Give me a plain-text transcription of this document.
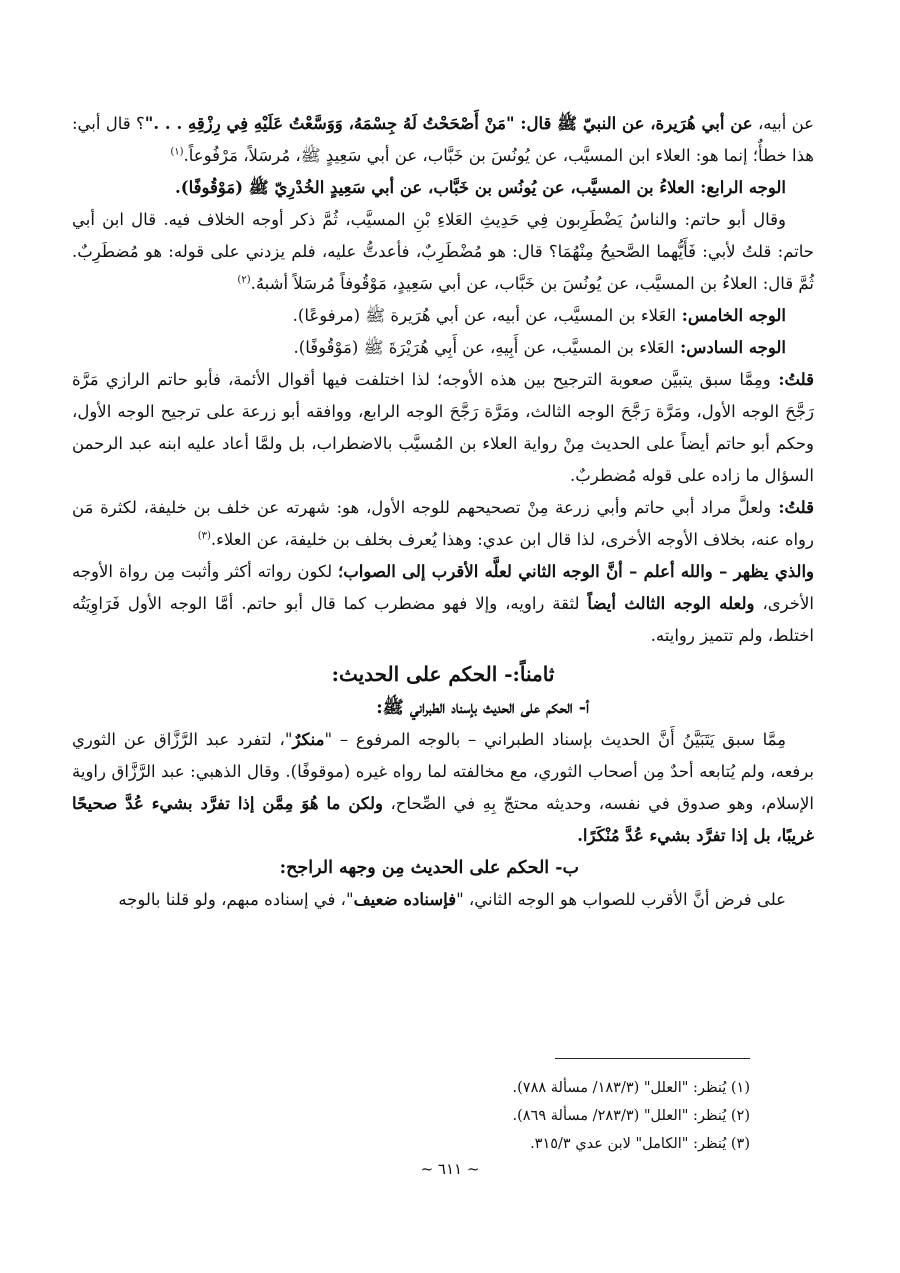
عن أبيه، عن أبي هُرَيرة، عن النبيّ ﷺ قال: "مَنْ أَصْحَحْتُ لَهُ جِسْمَهُ، وَوَسَّعْتُ عَلَيْهِ فِي رِزْقِهِ . . ."؟ قال أبي: هذا خطأٌ؛ إنما هو: العلاء ابن المسيَّب، عن يُونُسَ بن خَبَّاب، عن أبي سَعِيدٍ ﷺ، مُرسَلاً، مَرْفُوعاً.$^{(١)}$

الوجه الرابع: العلاءُ بن المسيَّب، عن يُونُس بن خَبَّاب، عن أبي سَعِيدٍ الخُدْرِيّ ﷺ (مَوْقُوفًا).

وقال أبو حاتم: والناسُ يَضْطَرِبون فِي حَدِيثِ العَلاءِ بْنِ المسيَّب، ثُمَّ ذكر أوجه الخلاف فيه. قال ابن أبي حاتم: قلتُ لأبي: فَأَيُّهما الصَّحيحُ مِنْهُمَا؟ قال: هو مُضْطَرِبٌ، فأعدتُّ عليه، فلم يزدني على قوله: هو مُضطَرِبٌ. ثُمَّ قال: العلاءُ بن المسيَّب، عن يُونُسَ بن خَبَّاب، عن أبي سَعِيدٍ، مَوْقُوفاً مُرسَلاً أشبهُ.$^{(٢)}$

الوجه الخامس: العَلاء بن المسيَّب، عن أبيه، عن أبي هُرَيرة ﷺ (مرفوعًا).

الوجه السادس: العَلاء بن المسيَّب، عن أَبِيهِ، عن أَبِي هُرَيْرَةَ ﷺ (مَوْقُوفًا).

قلتُ: ومِمَّا سبق يتبيَّن صعوبة الترجيح بين هذه الأوجه؛ لذا اختلفت فيها أقوال الأئمة، فأبو حاتم الرازي مَرَّة رَجَّحَ الوجه الأول، ومَرَّة رَجَّحَ الوجه الثالث، ومَرَّة رَجَّحَ الوجه الرابع، ووافقه أبو زرعة على ترجيح الوجه الأول، وحكم أبو حاتم أيضاً على الحديث مِنْ رواية العلاء بن المُسيَّب بالاضطراب، بل ولمَّا أعاد عليه ابنه عبد الرحمن السؤال ما زاده على قوله مُضطربٌ.

قلتُ: ولعلَّ مراد أبي حاتم وأبي زرعة مِنْ تصحيحهم للوجه الأول، هو: شهرته عن خلف بن خليفة، لكثرة مَن رواه عنه، بخلاف الأوجه الأخرى، لذا قال ابن عدي: وهذا يُعرف بخلف بن خليفة، عن العلاء.$^{(٣)}$

والذي يظهر – والله أعلم – أنَّ الوجه الثاني لعلَّه الأقرب إلى الصواب؛ لكون رواته أكثر وأثبت مِن رواة الأوجه الأخرى، ولعله الوجه الثالث أيضاً لثقة راويه، وإلا فهو مضطرب كما قال أبو حاتم. أمَّا الوجه الأول فَرَاوِيَتُه اختلط، ولم تتميز روايته.

ثامناً:- الحكم على الحديث:
أ- الحكم على الحديث بإسناد الطبراني ﷺ:

مِمَّا سبق يَتَبَيَّنُ أَنَّ الحديث بإسناد الطبراني – بالوجه المرفوع – "منكرٌ"، لتفرد عبد الرَّزَّاق عن الثوري برفعه، ولم يُتابعه أحدٌ مِن أصحاب الثوري، مع مخالفته لما رواه غيره (موقوفًا). وقال الذهبي: عبد الرَّزَّاق راوية الإسلام، وهو صدوق في نفسه، وحديثه محتجّ بِهِ في الصِّحاح، ولكن ما هُوَ مِمَّن إذا تفرَّد بشيء عُدَّ صحيحًا غريبًا، بل إذا تفرَّد بشيء عُدَّ مُنْكَرًا.

ب- الحكم على الحديث مِن وجهه الراجح:

على فرض أنَّ الأقرب للصواب هو الوجه الثاني، "فإسناده ضعيف"، في إسناده مبهم، ولو قلنا بالوجه

(١) يُنظر: "العلل" (١٨٣/٣/ مسألة ٧٨٨).

(٢) يُنظر: "العلل" (٢٨٣/٣/ مسألة ٨٦٩).

(٣) يُنظر: "الكامل" لابن عدي ٣١٥/٣.

~ ٦١١ ~
